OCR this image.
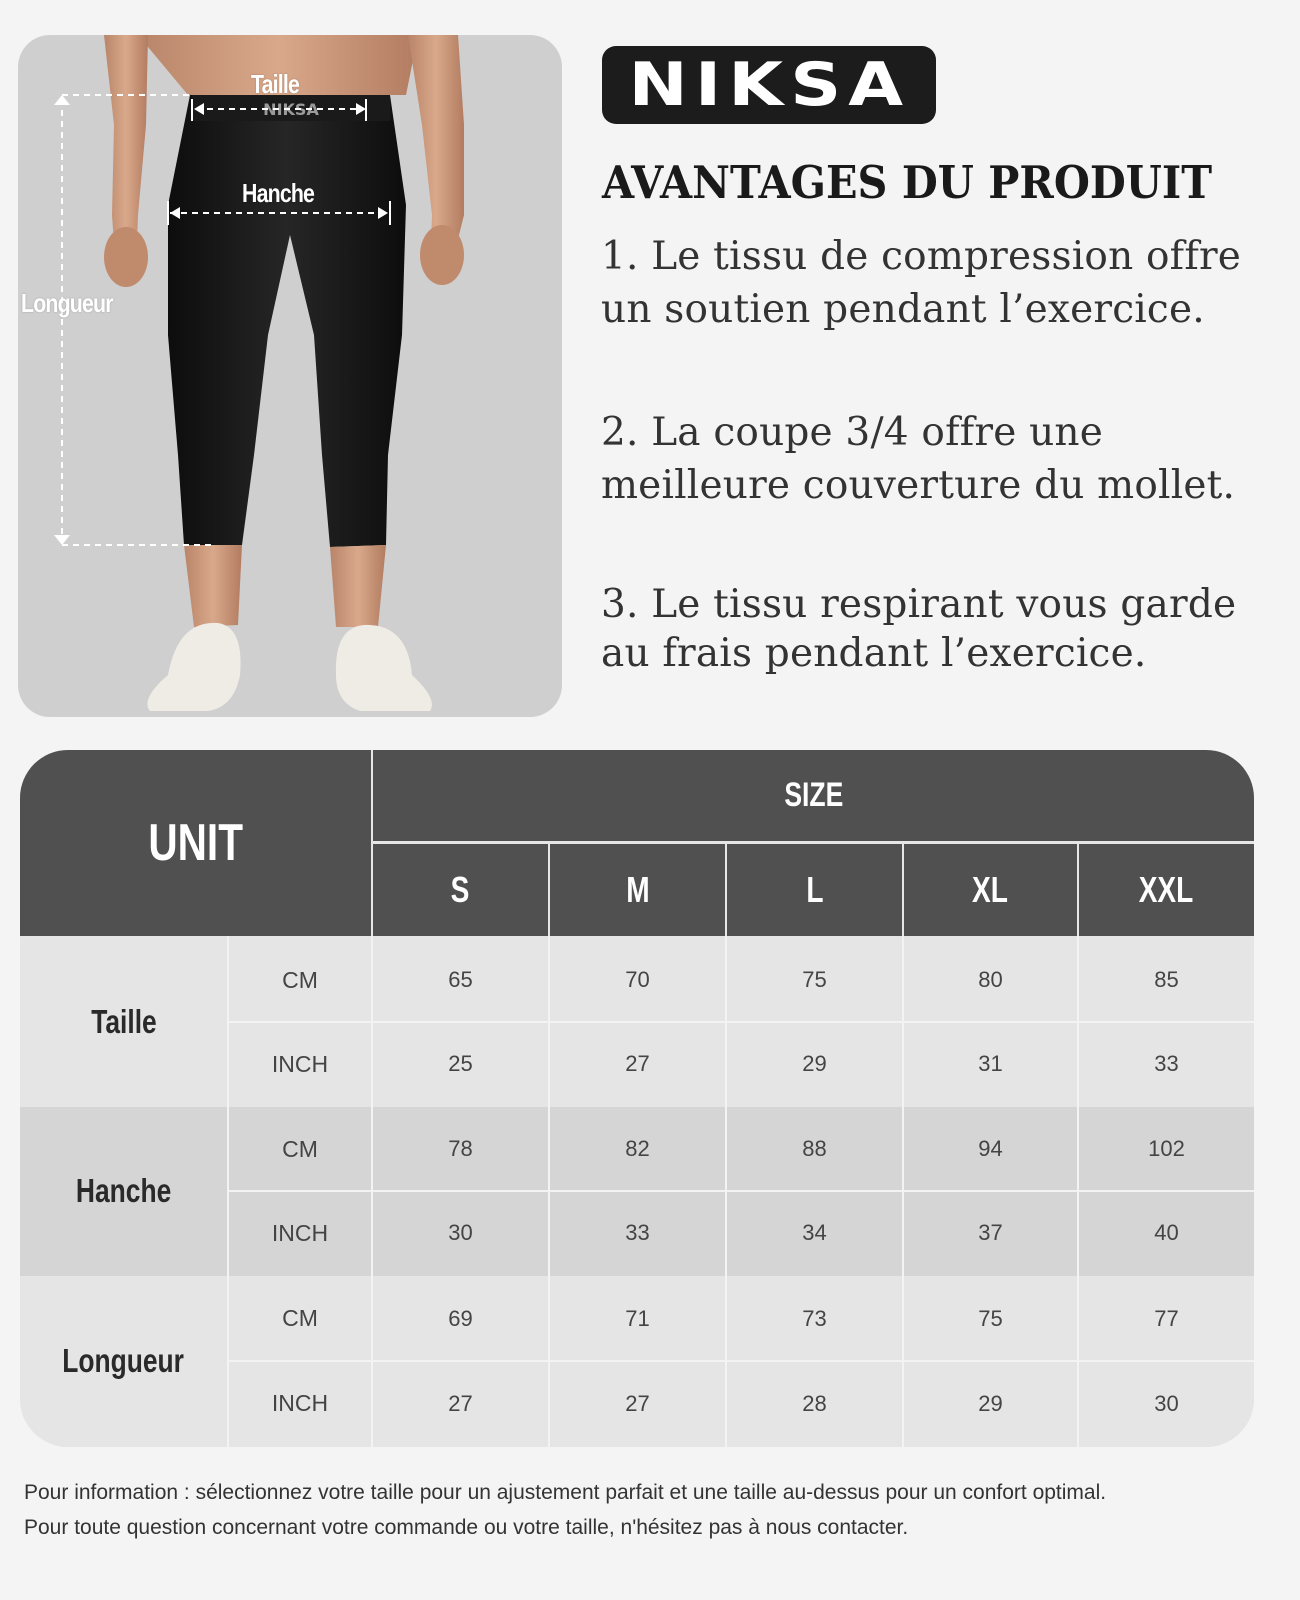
NIKSA
Taille
Hanche
Longueur
NIKSA
AVANTAGES DU PRODUIT
1. Le tissu de compression offre un soutien pendant l’exercice.
2. La coupe 3/4 offre une meilleure couverture du mollet.
3. Le tissu respirant vous garde au frais pendant l’exercice.
UNIT
SIZE
S	M	L	XL	XXL
Taille
CM	65	70	75	80	85
INCH	25	27	29	31	33
Hanche
CM	78	82	88	94	102
INCH	30	33	34	37	40
Longueur
CM	69	71	73	75	77
INCH	27	27	28	29	30
Pour information : sélectionnez votre taille pour un ajustement parfait et une taille au-dessus pour un confort optimal.
Pour toute question concernant votre commande ou votre taille, n'hésitez pas à nous contacter.
